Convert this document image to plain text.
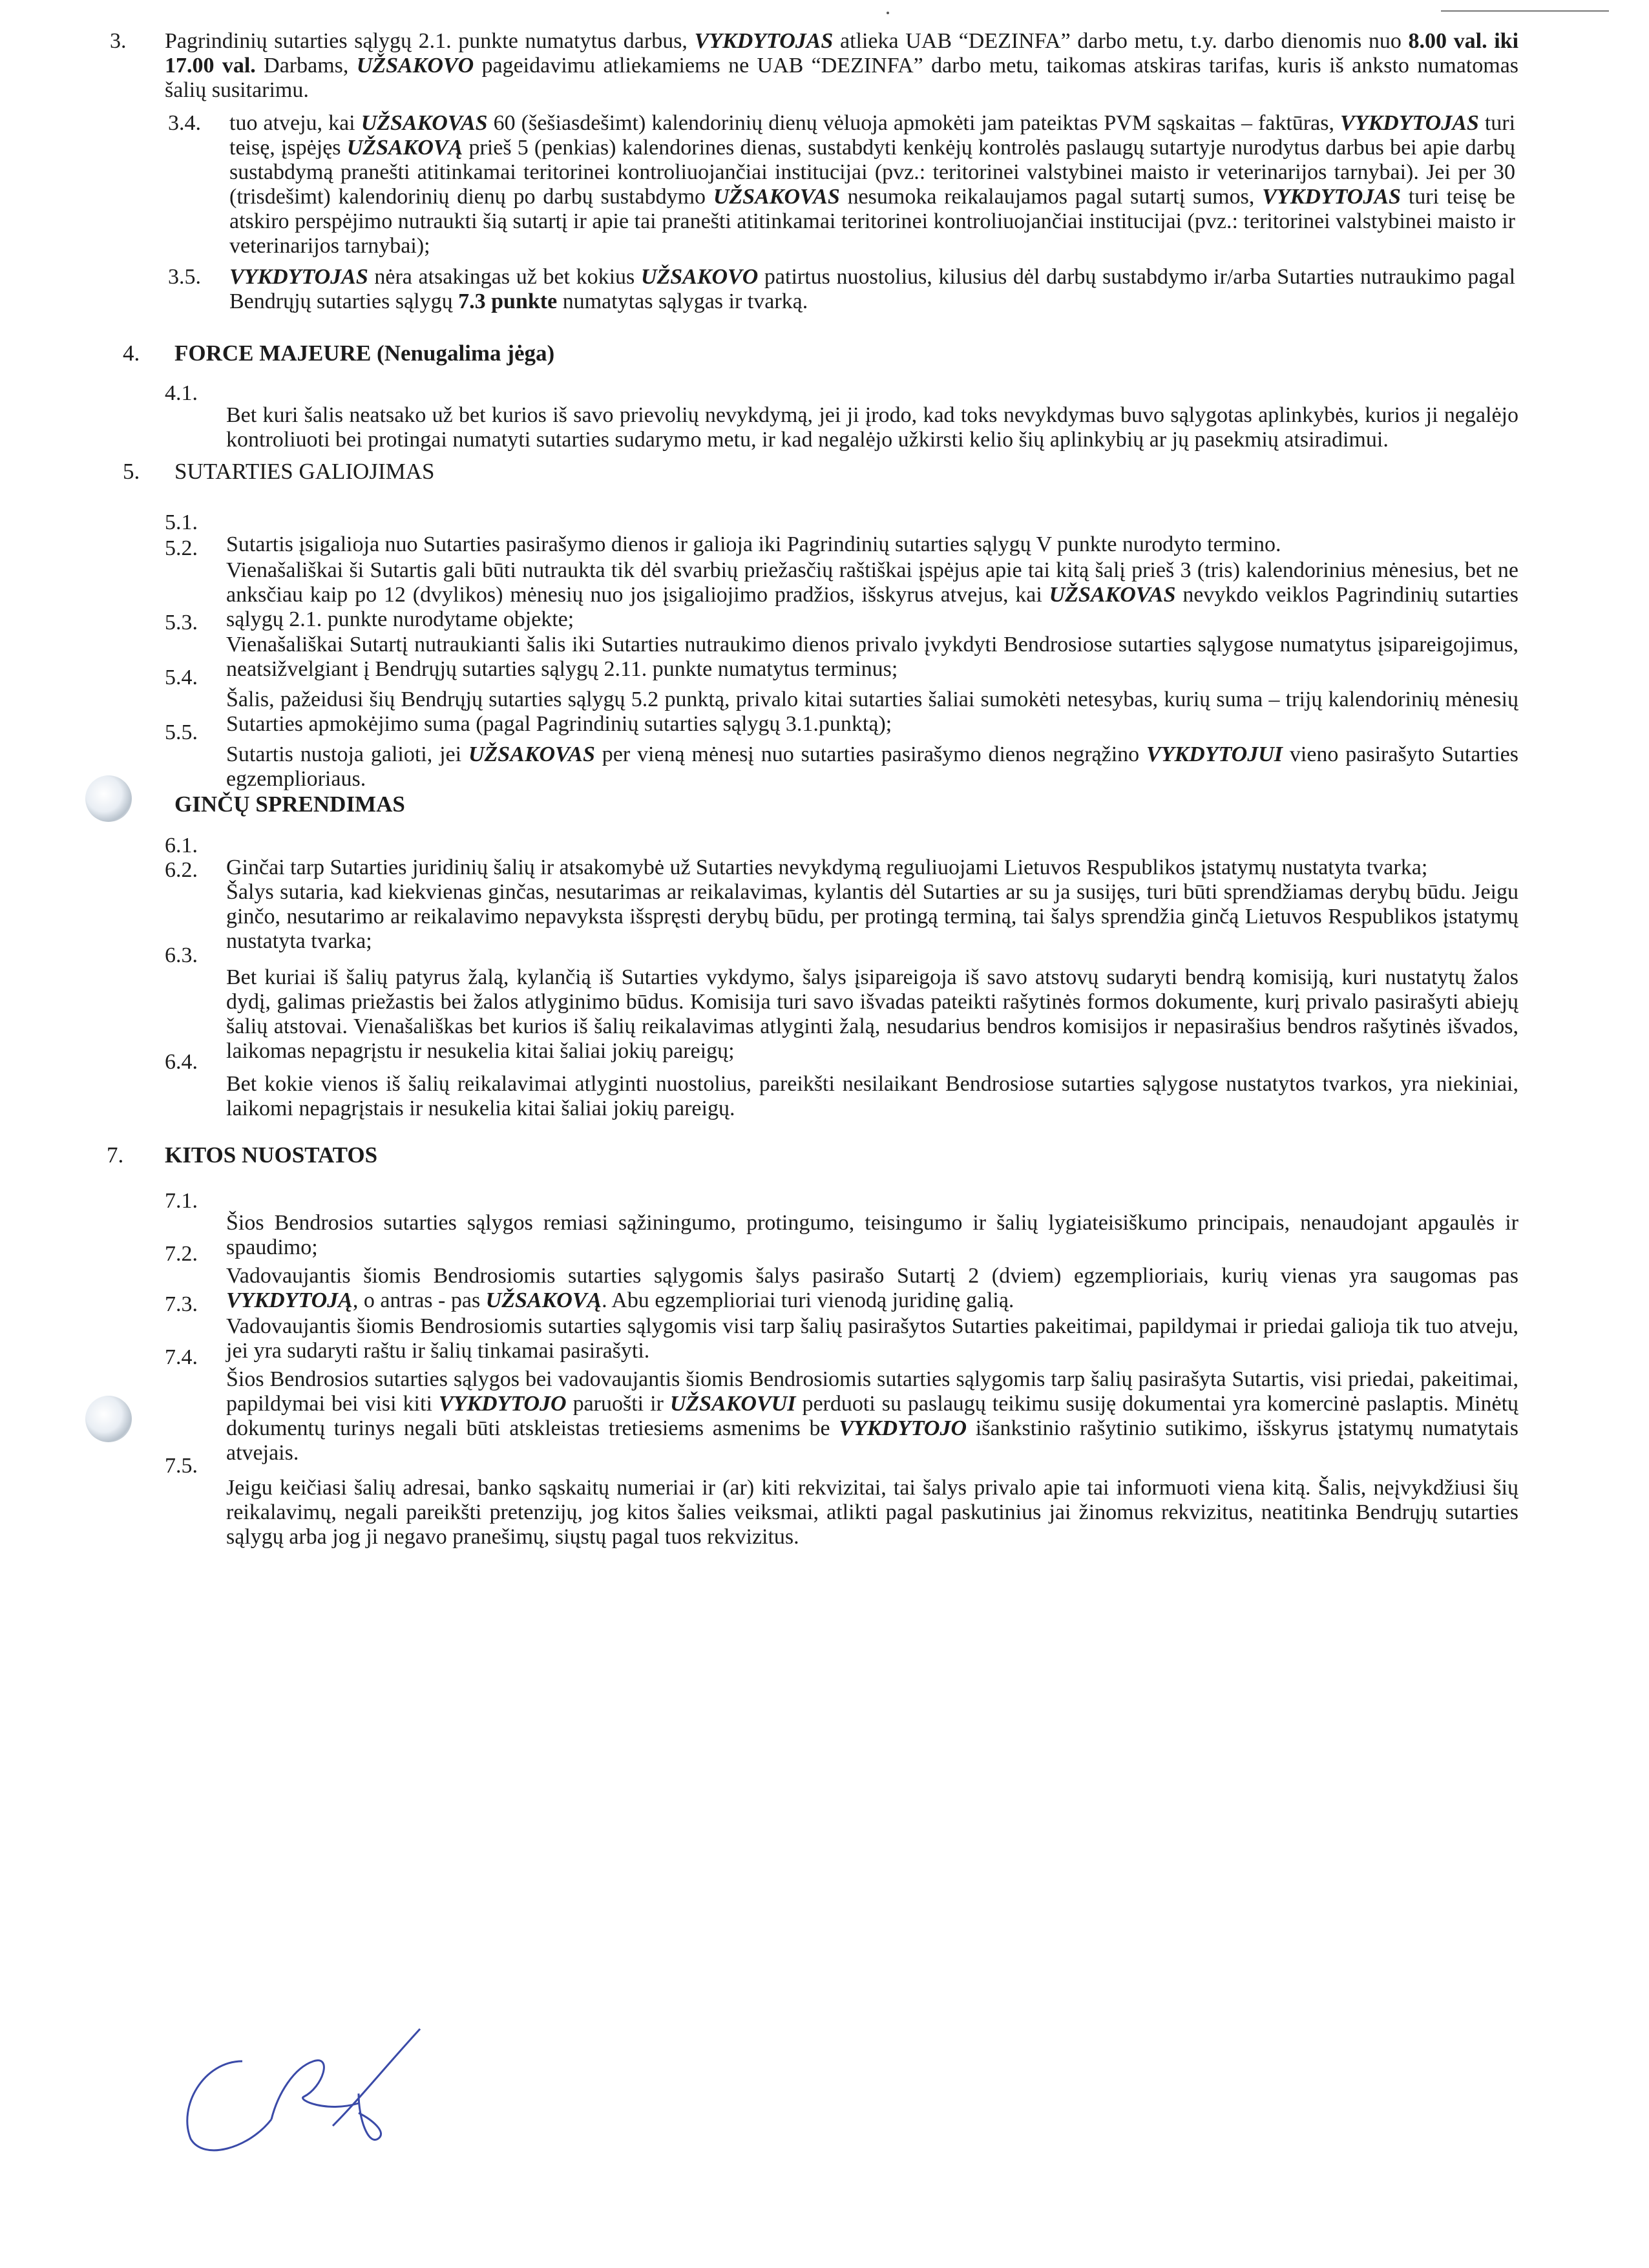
3. Pagrindinių sutarties sąlygų 2.1. punkte numatytus darbus, VYKDYTOJAS atlieka UAB “DEZINFA” darbo metu, t.y. darbo dienomis nuo 8.00 val. iki 17.00 val. Darbams, UŽSAKOVO pageidavimu atliekamiems ne UAB “DEZINFA” darbo metu, taikomas atskiras tarifas, kuris iš anksto numatomas šalių susitarimu.

3.4. tuo atveju, kai UŽSAKOVAS 60 (šešiasdešimt) kalendorinių dienų vėluoja apmokėti jam pateiktas PVM sąskaitas – faktūras, VYKDYTOJAS turi teisę, įspėjęs UŽSAKOVĄ prieš 5 (penkias) kalendorines dienas, sustabdyti kenkėjų kontrolės paslaugų sutartyje nurodytus darbus bei apie darbų sustabdymą pranešti atitinkamai teritorinei kontroliuojančiai institucijai (pvz.: teritorinei valstybinei maisto ir veterinarijos tarnybai). Jei per 30 (trisdešimt) kalendorinių dienų po darbų sustabdymo UŽSAKOVAS nesumoka reikalaujamos pagal sutartį sumos, VYKDYTOJAS turi teisę be atskiro perspėjimo nutraukti šią sutartį ir apie tai pranešti atitinkamai teritorinei kontroliuojančiai institucijai (pvz.: teritorinei valstybinei maisto ir veterinarijos tarnybai);

3.5. VYKDYTOJAS nėra atsakingas už bet kokius UŽSAKOVO patirtus nuostolius, kilusius dėl darbų sustabdymo ir/arba Sutarties nutraukimo pagal Bendrųjų sutarties sąlygų 7.3 punkte numatytas sąlygas ir tvarką.

4. FORCE MAJEURE (Nenugalima jėga)
4.1.

Bet kuri šalis neatsako už bet kurios iš savo prievolių nevykdymą, jei ji įrodo, kad toks nevykdymas buvo sąlygotas aplinkybės, kurios ji negalėjo kontroliuoti bei protingai numatyti sutarties sudarymo metu, ir kad negalėjo užkirsti kelio šių aplinkybių ar jų pasekmių atsiradimui.

5. SUTARTIES GALIOJIMAS
5.1.

Sutartis įsigalioja nuo Sutarties pasirašymo dienos ir galioja iki Pagrindinių sutarties sąlygų V punkte nurodyto termino.

5.2.

Vienašališkai ši Sutartis gali būti nutraukta tik dėl svarbių priežasčių raštiškai įspėjus apie tai kitą šalį prieš 3 (tris) kalendorinius mėnesius, bet ne anksčiau kaip po 12 (dvylikos) mėnesių nuo jos įsigaliojimo pradžios, išskyrus atvejus, kai UŽSAKOVAS nevykdo veiklos Pagrindinių sutarties sąlygų 2.1. punkte nurodytame objekte;

5.3.

Vienašališkai Sutartį nutraukianti šalis iki Sutarties nutraukimo dienos privalo įvykdyti Bendrosiose sutarties sąlygose numatytus įsipareigojimus, neatsižvelgiant į Bendrųjų sutarties sąlygų 2.11. punkte numatytus terminus;

5.4.

Šalis, pažeidusi šių Bendrųjų sutarties sąlygų 5.2 punktą, privalo kitai sutarties šaliai sumokėti netesybas, kurių suma – trijų kalendorinių mėnesių Sutarties apmokėjimo suma (pagal Pagrindinių sutarties sąlygų 3.1.punktą);

5.5.

Sutartis nustoja galioti, jei UŽSAKOVAS per vieną mėnesį nuo sutarties pasirašymo dienos negrąžino VYKDYTOJUI vieno pasirašyto Sutarties egzemplioriaus.

GINČŲ SPRENDIMAS
6.1.

Ginčai tarp Sutarties juridinių šalių ir atsakomybė už Sutarties nevykdymą reguliuojami Lietuvos Respublikos įstatymų nustatyta tvarka;

6.2.

Šalys sutaria, kad kiekvienas ginčas, nesutarimas ar reikalavimas, kylantis dėl Sutarties ar su ja susijęs, turi būti sprendžiamas derybų būdu. Jeigu ginčo, nesutarimo ar reikalavimo nepavyksta išspręsti derybų būdu, per protingą terminą, tai šalys sprendžia ginčą Lietuvos Respublikos įstatymų nustatyta tvarka;

6.3.

Bet kuriai iš šalių patyrus žalą, kylančią iš Sutarties vykdymo, šalys įsipareigoja iš savo atstovų sudaryti bendrą komisiją, kuri nustatytų žalos dydį, galimas priežastis bei žalos atlyginimo būdus. Komisija turi savo išvadas pateikti rašytinės formos dokumente, kurį privalo pasirašyti abiejų šalių atstovai. Vienašališkas bet kurios iš šalių reikalavimas atlyginti žalą, nesudarius bendros komisijos ir nepasirašius bendros rašytinės išvados, laikomas nepagrįstu ir nesukelia kitai šaliai jokių pareigų;

6.4.

Bet kokie vienos iš šalių reikalavimai atlyginti nuostolius, pareikšti nesilaikant Bendrosiose sutarties sąlygose nustatytos tvarkos, yra niekiniai, laikomi nepagrįstais ir nesukelia kitai šaliai jokių pareigų.

7. KITOS NUOSTATOS
7.1.

Šios Bendrosios sutarties sąlygos remiasi sąžiningumo, protingumo, teisingumo ir šalių lygiateisiškumo principais, nenaudojant apgaulės ir spaudimo;

7.2.

Vadovaujantis šiomis Bendrosiomis sutarties sąlygomis šalys pasirašo Sutartį 2 (dviem) egzemplioriais, kurių vienas yra saugomas pas VYKDYTOJĄ, o antras - pas UŽSAKOVĄ. Abu egzemplioriai turi vienodą juridinę galią.

7.3.

Vadovaujantis šiomis Bendrosiomis sutarties sąlygomis visi tarp šalių pasirašytos Sutarties pakeitimai, papildymai ir priedai galioja tik tuo atveju, jei yra sudaryti raštu ir šalių tinkamai pasirašyti.

7.4.

Šios Bendrosios sutarties sąlygos bei vadovaujantis šiomis Bendrosiomis sutarties sąlygomis tarp šalių pasirašyta Sutartis, visi priedai, pakeitimai, papildymai bei visi kiti VYKDYTOJO paruošti ir UŽSAKOVUI perduoti su paslaugų teikimu susiję dokumentai yra komercinė paslaptis. Minėtų dokumentų turinys negali būti atskleistas tretiesiems asmenims be VYKDYTOJO išankstinio rašytinio sutikimo, išskyrus įstatymų numatytais atvejais.

7.5.

Jeigu keičiasi šalių adresai, banko sąskaitų numeriai ir (ar) kiti rekvizitai, tai šalys privalo apie tai informuoti viena kitą. Šalis, neįvykdžiusi šių reikalavimų, negali pareikšti pretenzijų, jog kitos šalies veiksmai, atlikti pagal paskutinius jai žinomus rekvizitus, neatitinka Bendrųjų sutarties sąlygų arba jog ji negavo pranešimų, siųstų pagal tuos rekvizitus.
